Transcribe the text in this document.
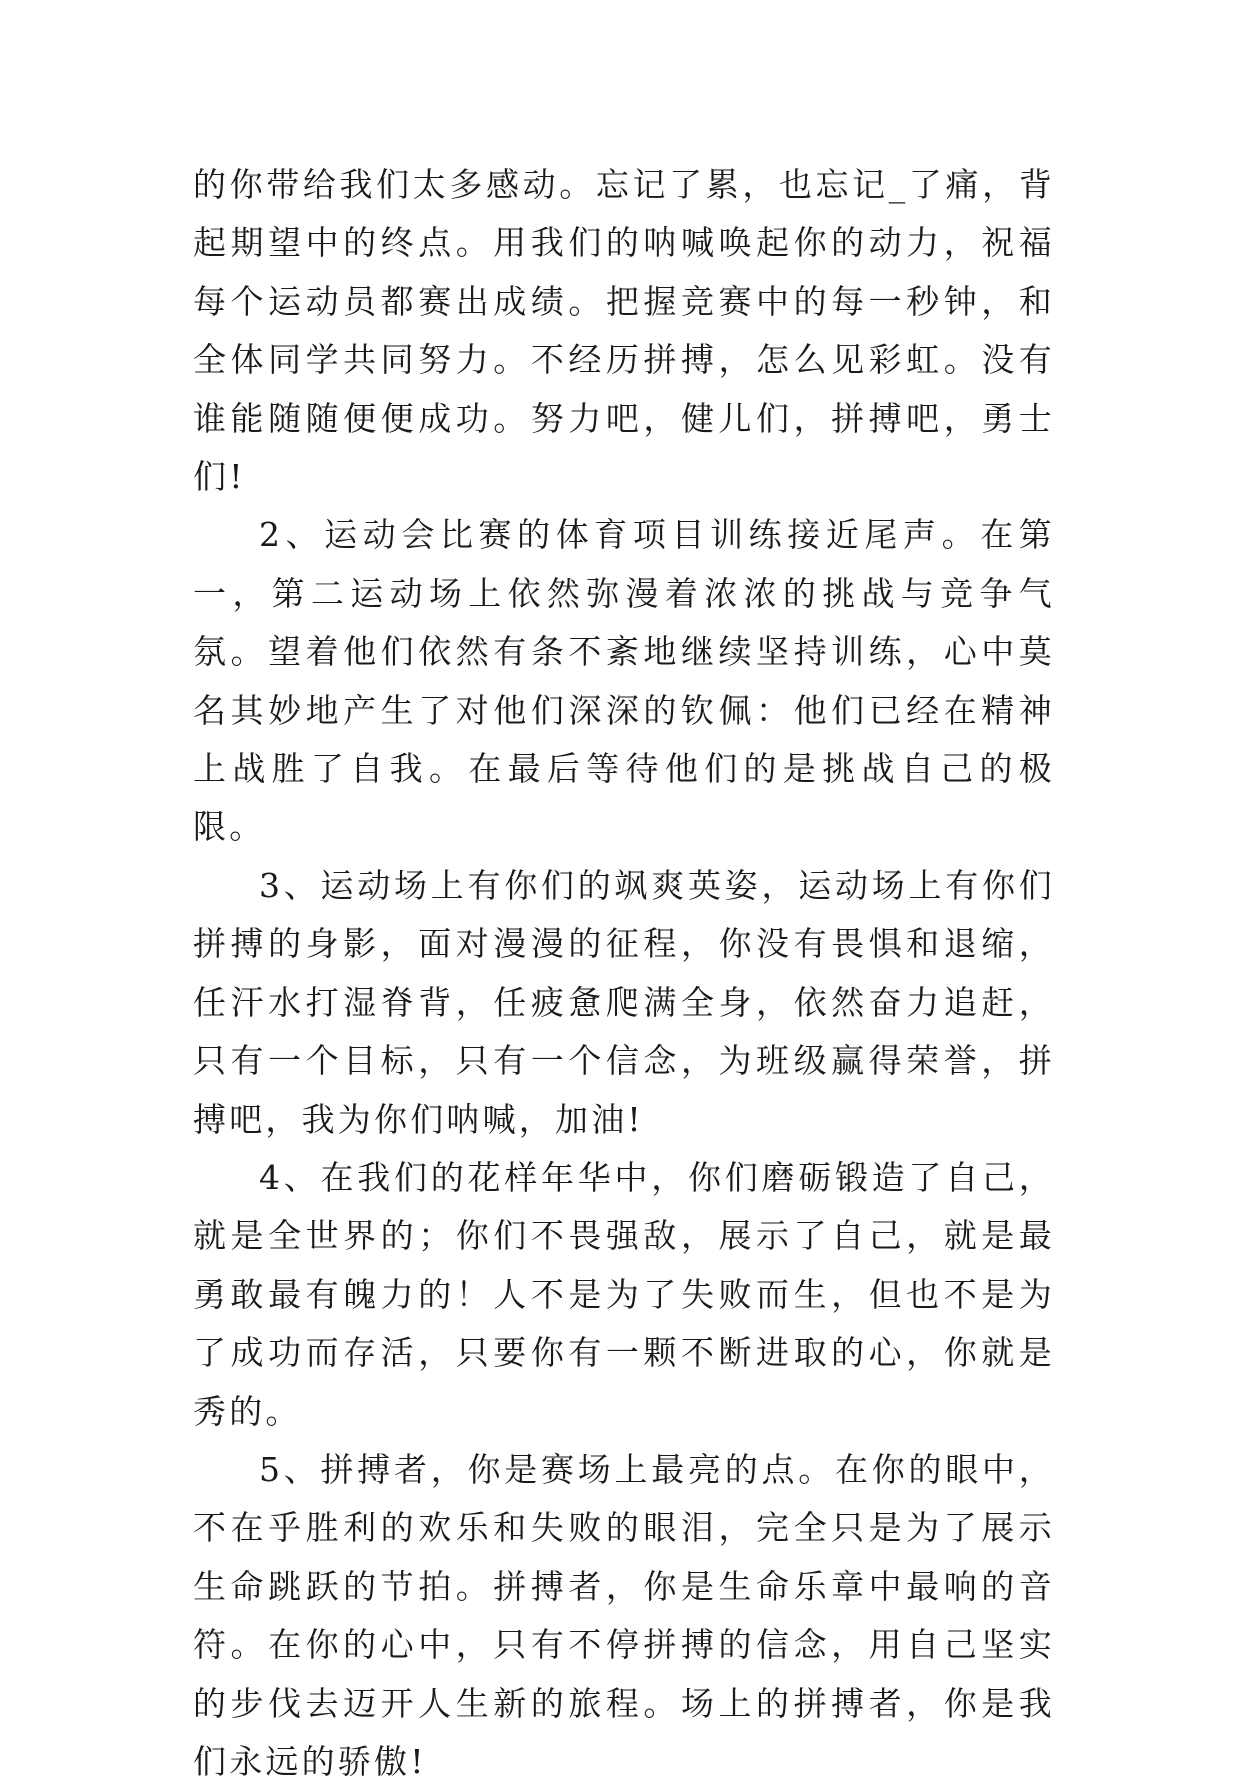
的你带给我们太多感动。忘记了累，也忘记_了痛，背起期望中的终点。用我们的呐喊唤起你的动力，祝福每个运动员都赛出成绩。把握竞赛中的每一秒钟，和全体同学共同努力。不经历拼搏，怎么见彩虹。没有谁能随随便便成功。努力吧，健儿们，拼搏吧，勇士们!

2、运动会比赛的体育项目训练接近尾声。在第一，第二运动场上依然弥漫着浓浓的挑战与竞争气氛。望着他们依然有条不紊地继续坚持训练，心中莫名其妙地产生了对他们深深的钦佩：他们已经在精神上战胜了自我。在最后等待他们的是挑战自己的极限。

3、运动场上有你们的飒爽英姿，运动场上有你们拼搏的身影，面对漫漫的征程，你没有畏惧和退缩，任汗水打湿脊背，任疲惫爬满全身，依然奋力追赶，只有一个目标，只有一个信念，为班级赢得荣誉，拼搏吧，我为你们呐喊，加油!

4、在我们的花样年华中，你们磨砺锻造了自己，就是全世界的；你们不畏强敌，展示了自己，就是最勇敢最有魄力的！人不是为了失败而生，但也不是为了成功而存活，只要你有一颗不断进取的心，你就是秀的。

5、拼搏者，你是赛场上最亮的点。在你的眼中，不在乎胜利的欢乐和失败的眼泪，完全只是为了展示生命跳跃的节拍。拼搏者，你是生命乐章中最响的音符。在你的心中，只有不停拼搏的信念，用自己坚实的步伐去迈开人生新的旅程。场上的拼搏者，你是我们永远的骄傲!
